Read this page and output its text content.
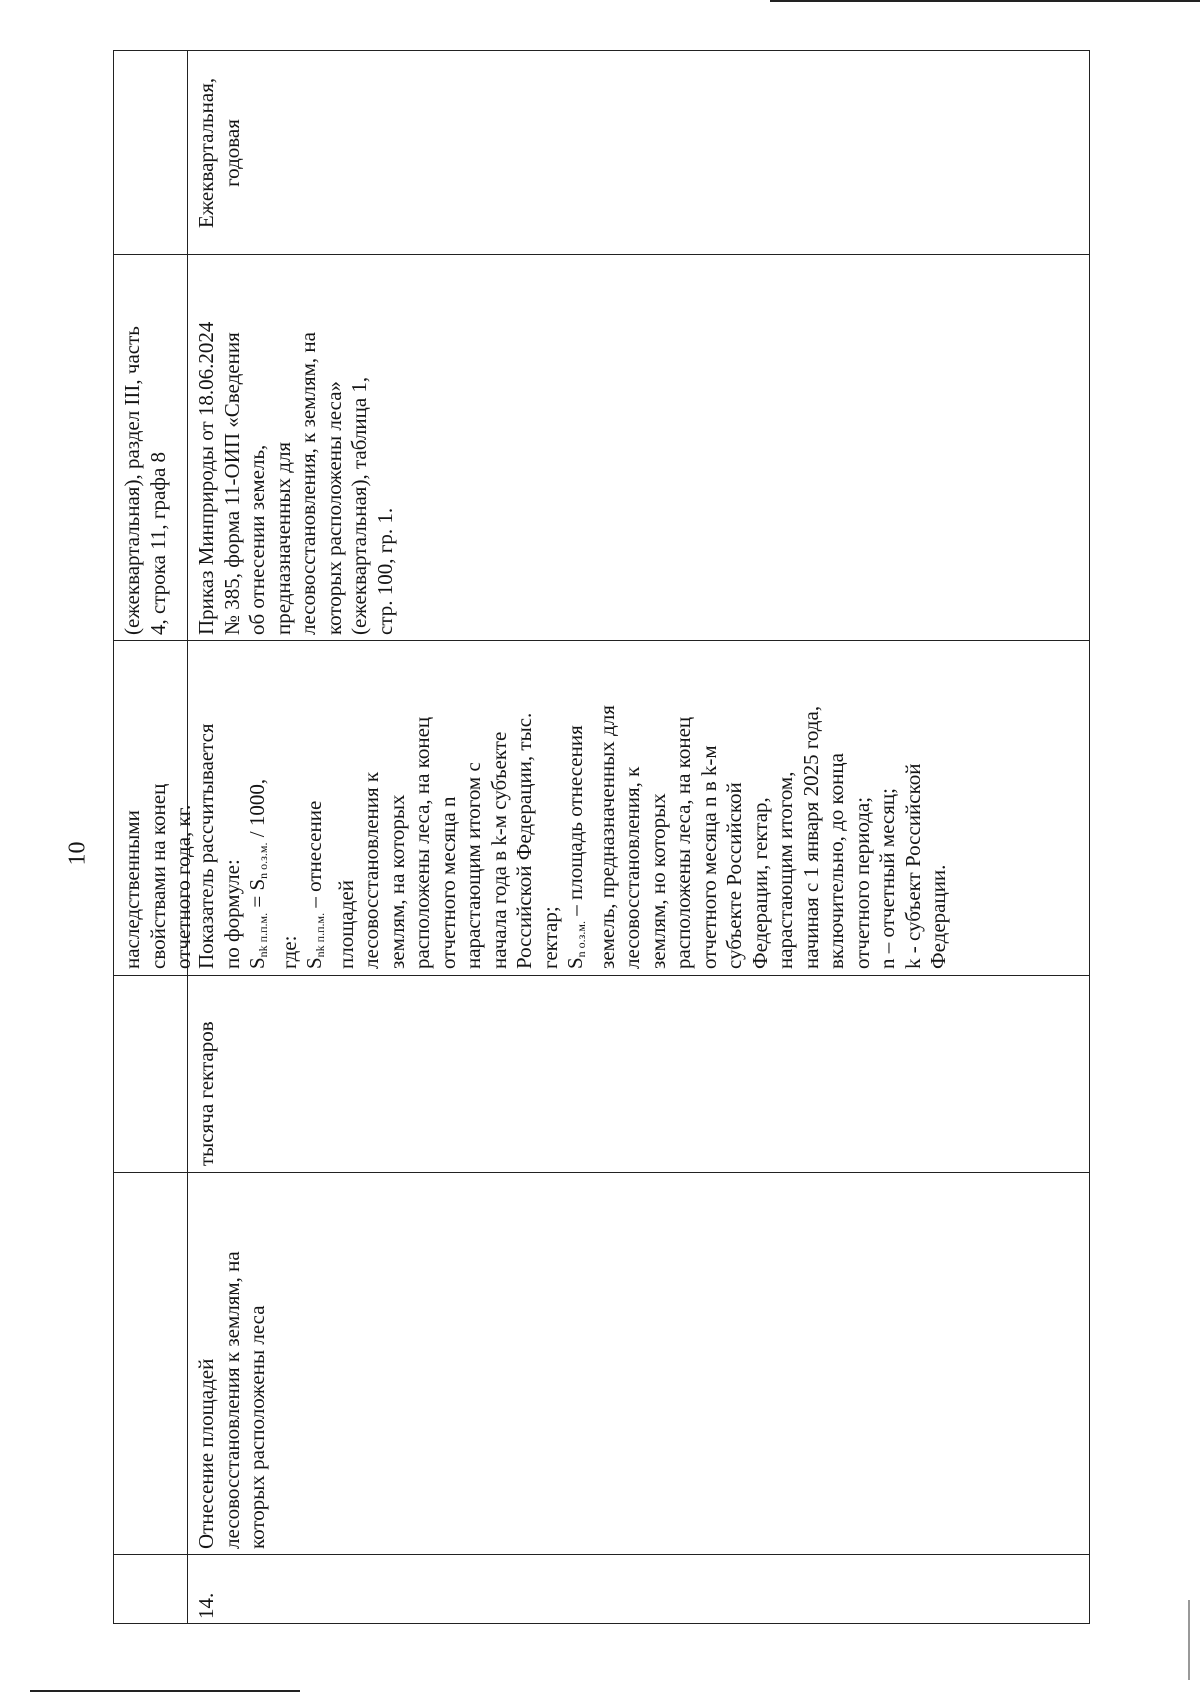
10 наследственными
свойствами на конец
отчетного года, кг.
(ежеквартальная), раздел III, часть
4, строка 11, графа 8
14.
Отнесение площадей
лесовосстановления к землям, на
которых расположены леса
тысяча гектаров
Показатель рассчитывается
по формуле:
$S_{nk п.п.м.} = S_{n о.з.м.} / 1000$,
где: $S_{nk п.п.м.}$ – отнесение
площадей
лесовосстановления к
землям, на которых
расположены леса, на конец
отчетного месяца n
нарастающим итогом с
начала года в k-м субъекте
Российской Федерации, тыс.
гектар; $S_{n о.з.м.}$ – площадь отнесения
земель, предназначенных для
лесовосстановления, к
землям, но которых
расположены леса, на конец
отчетного месяца n в k-м
субъекте Российской
Федерации, гектар,
нарастающим итогом,
начиная с 1 января 2025 года,
включительно, до конца
отчетного периода;
n – отчетный месяц;
k - субъект Российской
Федерации.
Приказ Минприроды от 18.06.2024
№ 385, форма 11-ОИП «Сведения
об отнесении земель,
предназначенных для
лесовосстановления, к землям, на
которых расположены леса»
(ежеквартальная), таблица 1,
стр. 100, гр. 1.
Ежеквартальная,
годовая
